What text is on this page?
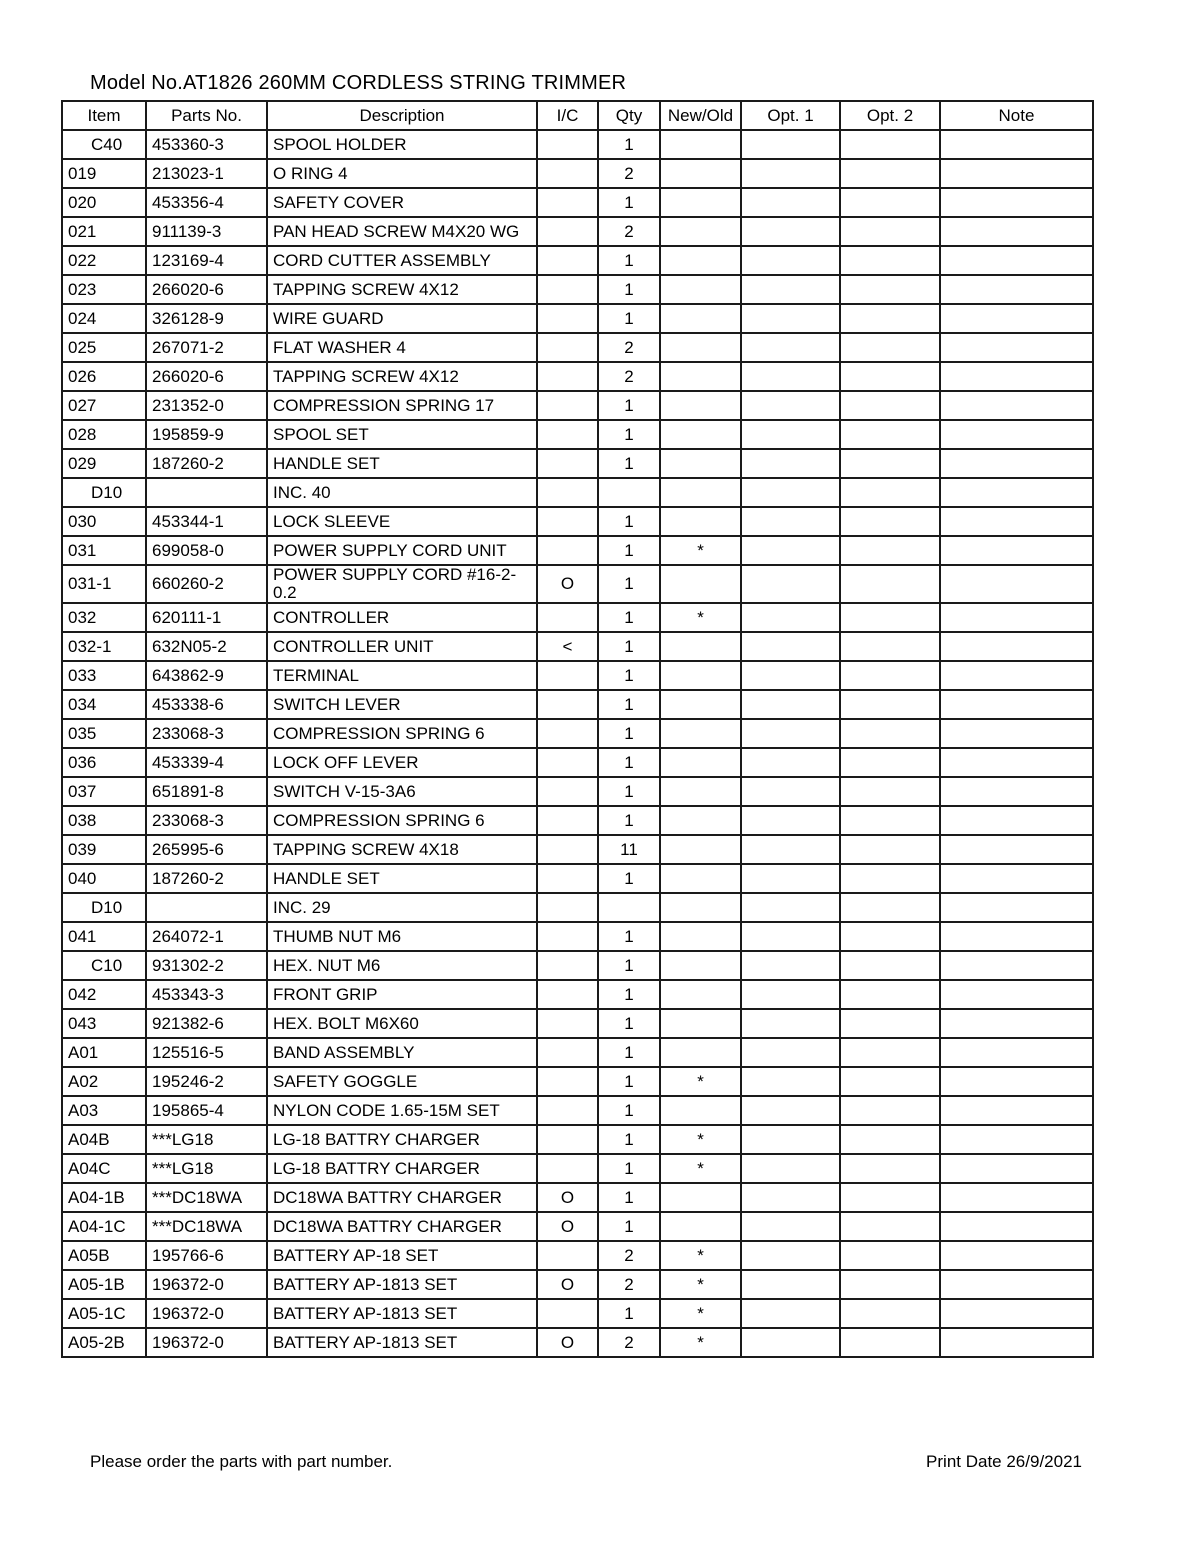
Model No.AT1826 260MM CORDLESS STRING TRIMMER
Item	Parts No.	Description	I/C	Qty	New/Old	Opt. 1	Opt. 2	Note
C40	453360-3	SPOOL HOLDER		1				
019	213023-1	O RING 4		2				
020	453356-4	SAFETY COVER		1				
021	911139-3	PAN HEAD SCREW M4X20 WG		2				
022	123169-4	CORD CUTTER ASSEMBLY		1				
023	266020-6	TAPPING SCREW 4X12		1				
024	326128-9	WIRE GUARD		1				
025	267071-2	FLAT WASHER 4		2				
026	266020-6	TAPPING SCREW 4X12		2				
027	231352-0	COMPRESSION SPRING 17		1				
028	195859-9	SPOOL SET		1				
029	187260-2	HANDLE SET		1				
D10		INC. 40						
030	453344-1	LOCK SLEEVE		1				
031	699058-0	POWER SUPPLY CORD UNIT		1	*			
031-1	660260-2	POWER SUPPLY CORD #16-2-0.2	O	1				
032	620111-1	CONTROLLER		1	*			
032-1	632N05-2	CONTROLLER UNIT	<	1				
033	643862-9	TERMINAL		1				
034	453338-6	SWITCH LEVER		1				
035	233068-3	COMPRESSION SPRING 6		1				
036	453339-4	LOCK OFF LEVER		1				
037	651891-8	SWITCH V-15-3A6		1				
038	233068-3	COMPRESSION SPRING 6		1				
039	265995-6	TAPPING SCREW 4X18		11				
040	187260-2	HANDLE SET		1				
D10		INC. 29						
041	264072-1	THUMB NUT M6		1				
C10	931302-2	HEX. NUT M6		1				
042	453343-3	FRONT GRIP		1				
043	921382-6	HEX. BOLT M6X60		1				
A01	125516-5	BAND ASSEMBLY		1				
A02	195246-2	SAFETY GOGGLE		1	*			
A03	195865-4	NYLON CODE 1.65-15M SET		1				
A04B	***LG18	LG-18 BATTRY CHARGER		1	*			
A04C	***LG18	LG-18 BATTRY CHARGER		1	*			
A04-1B	***DC18WA	DC18WA BATTRY CHARGER	O	1				
A04-1C	***DC18WA	DC18WA BATTRY CHARGER	O	1				
A05B	195766-6	BATTERY AP-18 SET		2	*			
A05-1B	196372-0	BATTERY AP-1813 SET	O	2	*			
A05-1C	196372-0	BATTERY AP-1813 SET		1	*			
A05-2B	196372-0	BATTERY AP-1813 SET	O	2	*			
Please order the parts with part number.	Print Date 26/9/2021
